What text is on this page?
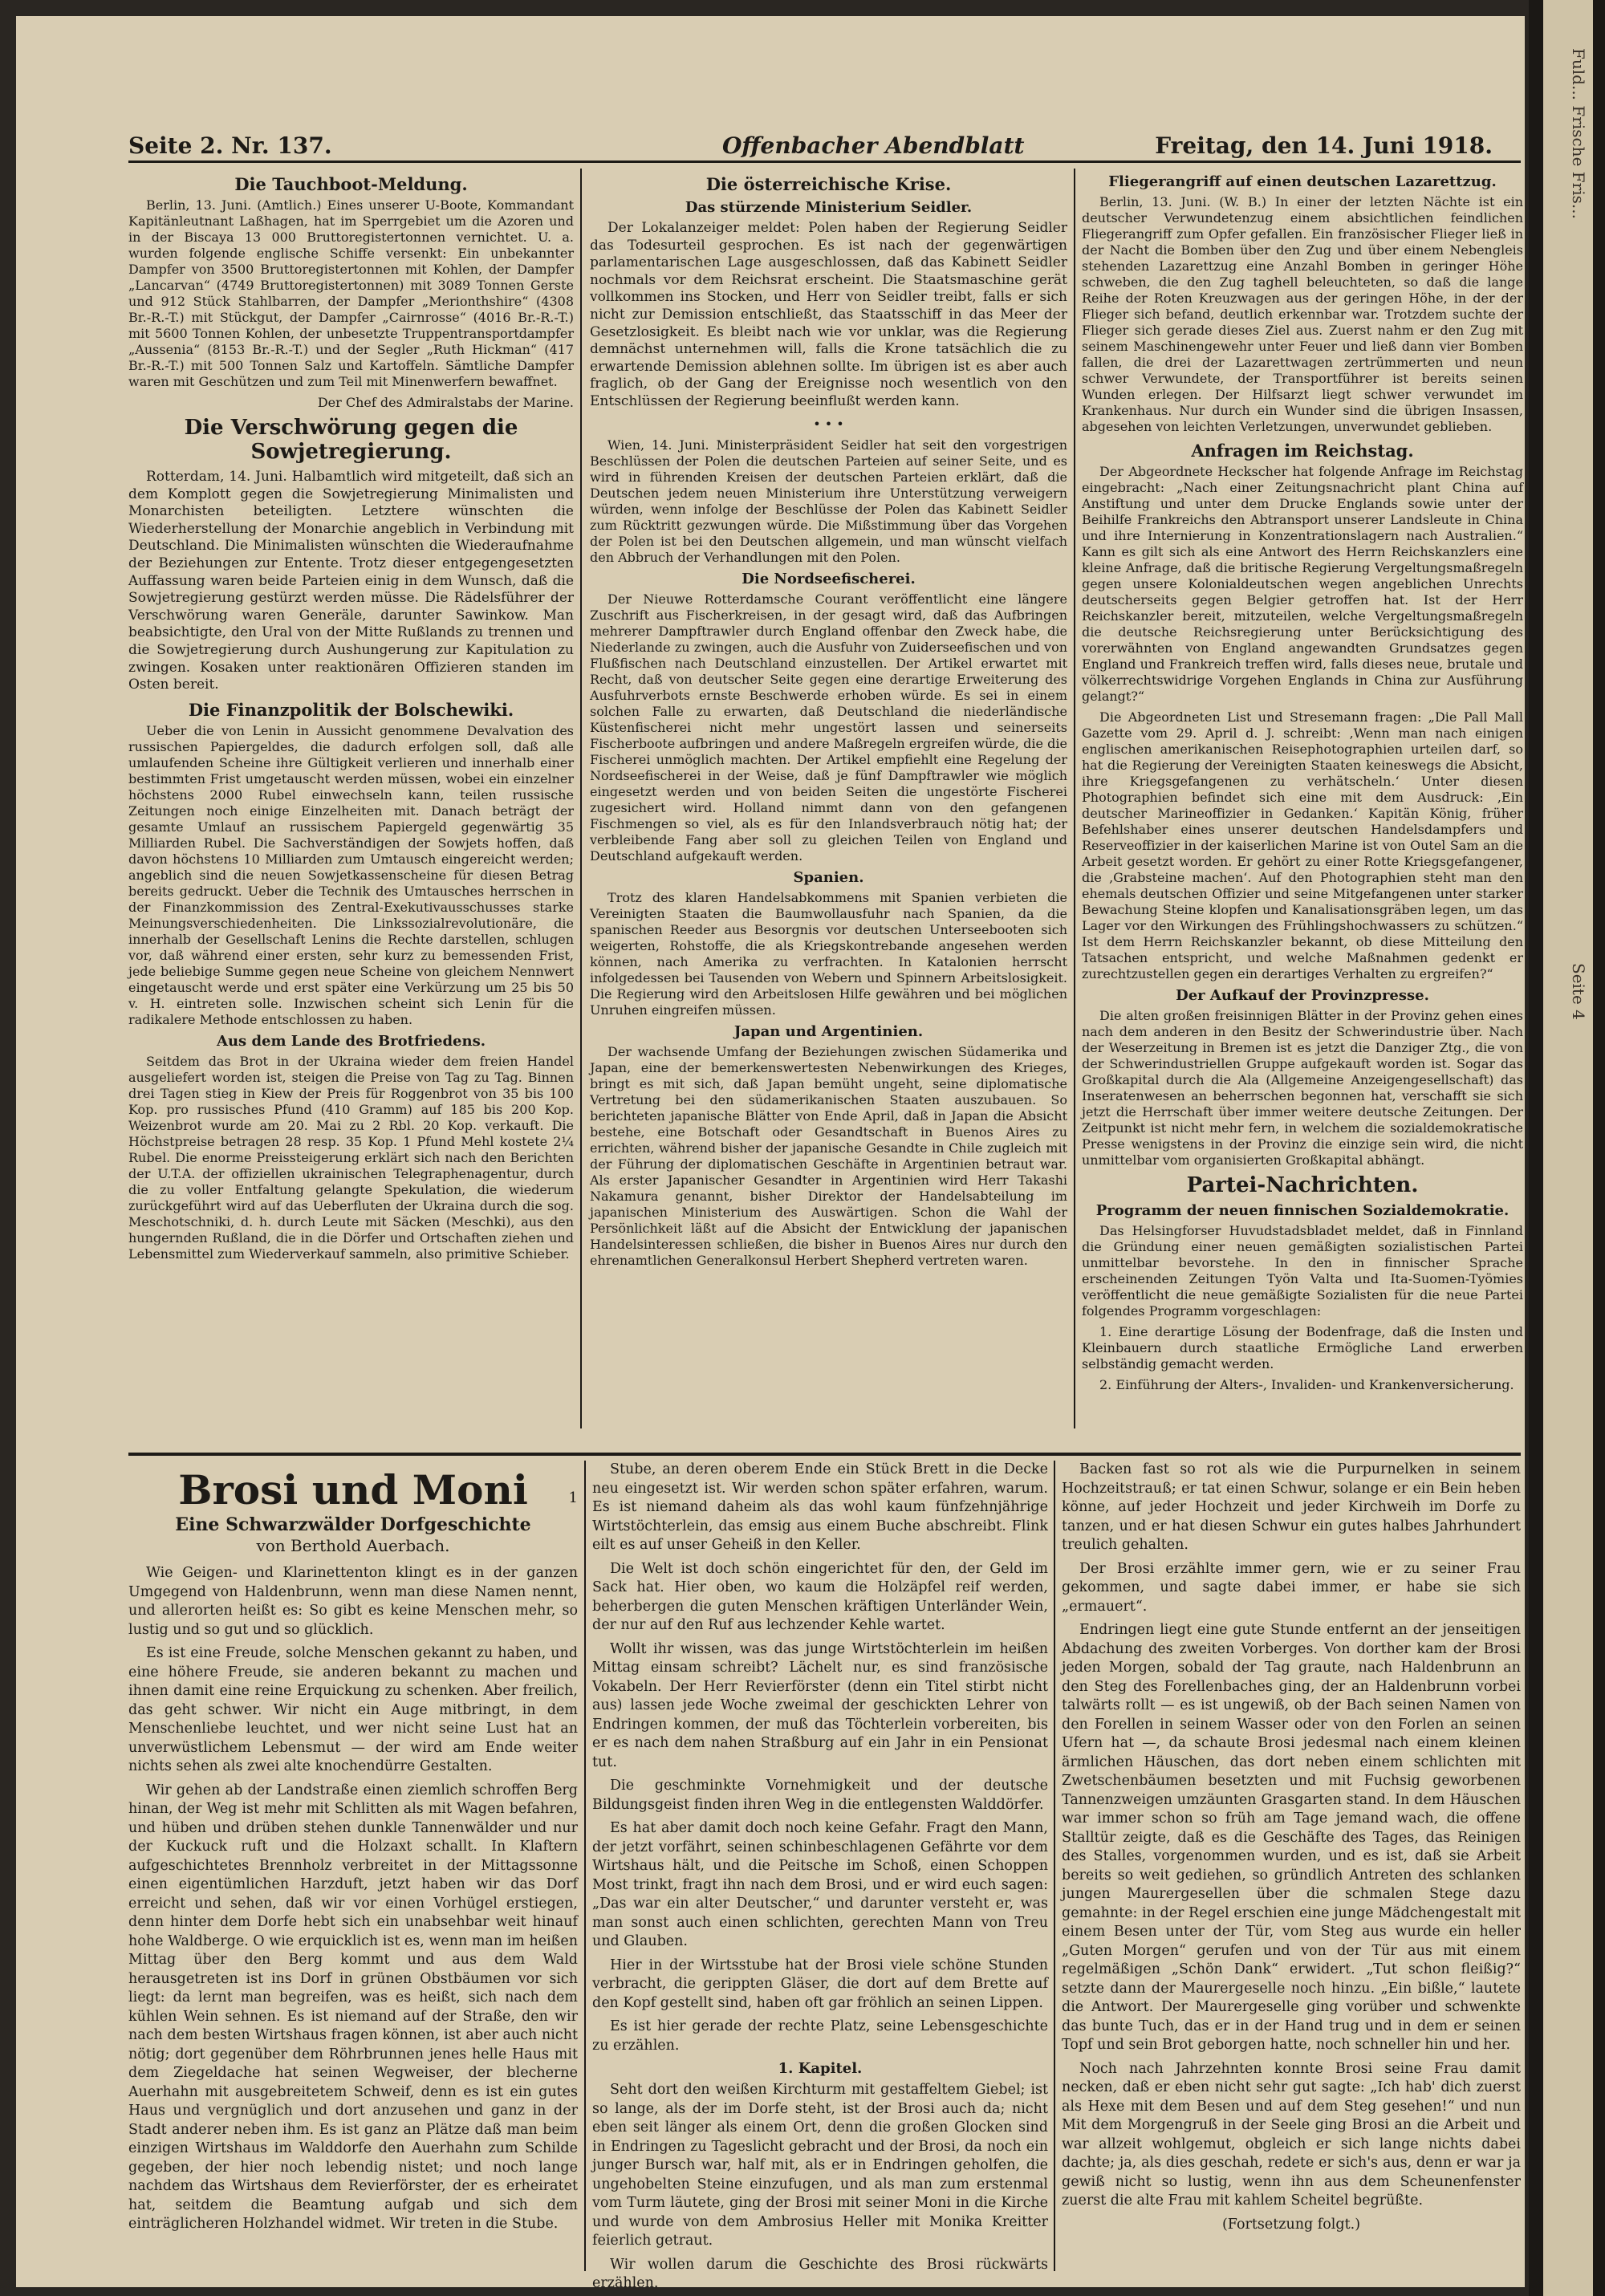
Fuld... Frische Fris...
Seite 4
Seite 2. Nr. 137.	Offenbacher Abendblatt	Freitag, den 14. Juni 1918.
Die Tauchboot-Meldung.

Berlin, 13. Juni. (Amtlich.) Eines unserer U-Boote, Kommandant Kapitänleutnant Laßhagen, hat im Sperrgebiet um die Azoren und in der Biscaya 13 000 Bruttoregistertonnen vernichtet. U. a. wurden folgende englische Schiffe versenkt: Ein unbekannter Dampfer von 3500 Bruttoregistertonnen mit Kohlen, der Dampfer „Lancarvan“ (4749 Bruttoregistertonnen) mit 3089 Tonnen Gerste und 912 Stück Stahlbarren, der Dampfer „Merionthshire“ (4308 Br.-R.-T.) mit Stückgut, der Dampfer „Cairnrosse“ (4016 Br.-R.-T.) mit 5600 Tonnen Kohlen, der unbesetzte Truppentransportdampfer „Aussenia“ (8153 Br.-R.-T.) und der Segler „Ruth Hickman“ (417 Br.-R.-T.) mit 500 Tonnen Salz und Kartoffeln. Sämtliche Dampfer waren mit Geschützen und zum Teil mit Minenwerfern bewaffnet.

Der Chef des Admiralstabs der Marine.

Die Verschwörung gegen die Sowjetregierung.

Rotterdam, 14. Juni. Halbamtlich wird mitgeteilt, daß sich an dem Komplott gegen die Sowjetregierung Minimalisten und Monarchisten beteiligten. Letztere wünschten die Wiederherstellung der Monarchie angeblich in Verbindung mit Deutschland. Die Minimalisten wünschten die Wiederaufnahme der Beziehungen zur Entente. Trotz dieser entgegengesetzten Auffassung waren beide Parteien einig in dem Wunsch, daß die Sowjetregierung gestürzt werden müsse. Die Rädelsführer der Verschwörung waren Generäle, darunter Sawinkow. Man beabsichtigte, den Ural von der Mitte Rußlands zu trennen und die Sowjetregierung durch Aushungerung zur Kapitulation zu zwingen. Kosaken unter reaktionären Offizieren standen im Osten bereit.

Die Finanzpolitik der Bolschewiki.

Ueber die von Lenin in Aussicht genommene Devalvation des russischen Papiergeldes, die dadurch erfolgen soll, daß alle umlaufenden Scheine ihre Gültigkeit verlieren und innerhalb einer bestimmten Frist umgetauscht werden müssen, wobei ein einzelner höchstens 2000 Rubel einwechseln kann, teilen russische Zeitungen noch einige Einzelheiten mit. Danach beträgt der gesamte Umlauf an russischem Papiergeld gegenwärtig 35 Milliarden Rubel. Die Sachverständigen der Sowjets hoffen, daß davon höchstens 10 Milliarden zum Umtausch eingereicht werden; angeblich sind die neuen Sowjetkassenscheine für diesen Betrag bereits gedruckt. Ueber die Technik des Umtausches herrschen in der Finanzkommission des Zentral-Exekutivausschusses starke Meinungsverschiedenheiten. Die Linkssozialrevolutionäre, die innerhalb der Gesellschaft Lenins die Rechte darstellen, schlugen vor, daß während einer ersten, sehr kurz zu bemessenden Frist, jede beliebige Summe gegen neue Scheine von gleichem Nennwert eingetauscht werde und erst später eine Verkürzung um 25 bis 50 v. H. eintreten solle. Inzwischen scheint sich Lenin für die radikalere Methode entschlossen zu haben.

Aus dem Lande des Brotfriedens.

Seitdem das Brot in der Ukraina wieder dem freien Handel ausgeliefert worden ist, steigen die Preise von Tag zu Tag. Binnen drei Tagen stieg in Kiew der Preis für Roggenbrot von 35 bis 100 Kop. pro russisches Pfund (410 Gramm) auf 185 bis 200 Kop. Weizenbrot wurde am 20. Mai zu 2 Rbl. 20 Kop. verkauft. Die Höchstpreise betragen 28 resp. 35 Kop. 1 Pfund Mehl kostete 2¼ Rubel. Die enorme Preissteigerung erklärt sich nach den Berichten der U.T.A. der offiziellen ukrainischen Telegraphenagentur, durch die zu voller Entfaltung gelangte Spekulation, die wiederum zurückgeführt wird auf das Ueberfluten der Ukraina durch die sog. Meschotschniki, d. h. durch Leute mit Säcken (Meschki), aus den hungernden Rußland, die in die Dörfer und Ortschaften ziehen und Lebensmittel zum Wiederverkauf sammeln, also primitive Schieber.

Die österreichische Krise.
Das stürzende Ministerium Seidler.

Der Lokalanzeiger meldet: Polen haben der Regierung Seidler das Todesurteil gesprochen. Es ist nach der gegenwärtigen parlamentarischen Lage ausgeschlossen, daß das Kabinett Seidler nochmals vor dem Reichsrat erscheint. Die Staatsmaschine gerät vollkommen ins Stocken, und Herr von Seidler treibt, falls er sich nicht zur Demission entschließt, das Staatsschiff in das Meer der Gesetzlosigkeit. Es bleibt nach wie vor unklar, was die Regierung demnächst unternehmen will, falls die Krone tatsächlich die zu erwartende Demission ablehnen sollte. Im übrigen ist es aber auch fraglich, ob der Gang der Ereignisse noch wesentlich von den Entschlüssen der Regierung beeinflußt werden kann.

• • •

Wien, 14. Juni. Ministerpräsident Seidler hat seit den vorgestrigen Beschlüssen der Polen die deutschen Parteien auf seiner Seite, und es wird in führenden Kreisen der deutschen Parteien erklärt, daß die Deutschen jedem neuen Ministerium ihre Unterstützung verweigern würden, wenn infolge der Beschlüsse der Polen das Kabinett Seidler zum Rücktritt gezwungen würde. Die Mißstimmung über das Vorgehen der Polen ist bei den Deutschen allgemein, und man wünscht vielfach den Abbruch der Verhandlungen mit den Polen.

Die Nordseefischerei.

Der Nieuwe Rotterdamsche Courant veröffentlicht eine längere Zuschrift aus Fischerkreisen, in der gesagt wird, daß das Aufbringen mehrerer Dampftrawler durch England offenbar den Zweck habe, die Niederlande zu zwingen, auch die Ausfuhr von Zuiderseefischen und von Flußfischen nach Deutschland einzustellen. Der Artikel erwartet mit Recht, daß von deutscher Seite gegen eine derartige Erweiterung des Ausfuhrverbots ernste Beschwerde erhoben würde. Es sei in einem solchen Falle zu erwarten, daß Deutschland die niederländische Küstenfischerei nicht mehr ungestört lassen und seinerseits Fischerboote aufbringen und andere Maßregeln ergreifen würde, die die Fischerei unmöglich machten. Der Artikel empfiehlt eine Regelung der Nordseefischerei in der Weise, daß je fünf Dampftrawler wie möglich eingesetzt werden und von beiden Seiten die ungestörte Fischerei zugesichert wird. Holland nimmt dann von den gefangenen Fischmengen so viel, als es für den Inlandsverbrauch nötig hat; der verbleibende Fang aber soll zu gleichen Teilen von England und Deutschland aufgekauft werden.

Spanien.

Trotz des klaren Handelsabkommens mit Spanien verbieten die Vereinigten Staaten die Baumwollausfuhr nach Spanien, da die spanischen Reeder aus Besorgnis vor deutschen Unterseebooten sich weigerten, Rohstoffe, die als Kriegskontrebande angesehen werden können, nach Amerika zu verfrachten. In Katalonien herrscht infolgedessen bei Tausenden von Webern und Spinnern Arbeitslosigkeit. Die Regierung wird den Arbeitslosen Hilfe gewähren und bei möglichen Unruhen eingreifen müssen.

Japan und Argentinien.

Der wachsende Umfang der Beziehungen zwischen Südamerika und Japan, eine der bemerkenswertesten Nebenwirkungen des Krieges, bringt es mit sich, daß Japan bemüht ungeht, seine diplomatische Vertretung bei den südamerikanischen Staaten auszubauen. So berichteten japanische Blätter von Ende April, daß in Japan die Absicht bestehe, eine Botschaft oder Gesandtschaft in Buenos Aires zu errichten, während bisher der japanische Gesandte in Chile zugleich mit der Führung der diplomatischen Geschäfte in Argentinien betraut war. Als erster Japanischer Gesandter in Argentinien wird Herr Takashi Nakamura genannt, bisher Direktor der Handelsabteilung im japanischen Ministerium des Auswärtigen. Schon die Wahl der Persönlichkeit läßt auf die Absicht der Entwicklung der japanischen Handelsinteressen schließen, die bisher in Buenos Aires nur durch den ehrenamtlichen Generalkonsul Herbert Shepherd vertreten waren.

Fliegerangriff auf einen deutschen Lazarettzug.

Berlin, 13. Juni. (W. B.) In einer der letzten Nächte ist ein deutscher Verwundetenzug einem absichtlichen feindlichen Fliegerangriff zum Opfer gefallen. Ein französischer Flieger ließ in der Nacht die Bomben über den Zug und über einem Nebengleis stehenden Lazarettzug eine Anzahl Bomben in geringer Höhe schweben, die den Zug taghell beleuchteten, so daß die lange Reihe der Roten Kreuzwagen aus der geringen Höhe, in der der Flieger sich befand, deutlich erkennbar war. Trotzdem suchte der Flieger sich gerade dieses Ziel aus. Zuerst nahm er den Zug mit seinem Maschinengewehr unter Feuer und ließ dann vier Bomben fallen, die drei der Lazarettwagen zertrümmerten und neun schwer Verwundete, der Transportführer ist bereits seinen Wunden erlegen. Der Hilfsarzt liegt schwer verwundet im Krankenhaus. Nur durch ein Wunder sind die übrigen Insassen, abgesehen von leichten Verletzungen, unverwundet geblieben.

Anfragen im Reichstag.

Der Abgeordnete Heckscher hat folgende Anfrage im Reichstag eingebracht: „Nach einer Zeitungsnachricht plant China auf Anstiftung und unter dem Drucke Englands sowie unter der Beihilfe Frankreichs den Abtransport unserer Landsleute in China und ihre Internierung in Konzentrationslagern nach Australien.“ Kann es gilt sich als eine Antwort des Herrn Reichskanzlers eine kleine Anfrage, daß die britische Regierung Vergeltungsmaßregeln gegen unsere Kolonialdeutschen wegen angeblichen Unrechts deutscherseits gegen Belgier getroffen hat. Ist der Herr Reichskanzler bereit, mitzuteilen, welche Vergeltungsmaßregeln die deutsche Reichsregierung unter Berücksichtigung des vorerwähnten von England angewandten Grundsatzes gegen England und Frankreich treffen wird, falls dieses neue, brutale und völkerrechtswidrige Vorgehen Englands in China zur Ausführung gelangt?“

Die Abgeordneten List und Stresemann fragen: „Die Pall Mall Gazette vom 29. April d. J. schreibt: ‚Wenn man nach einigen englischen amerikanischen Reisephotographien urteilen darf, so hat die Regierung der Vereinigten Staaten keineswegs die Absicht, ihre Kriegsgefangenen zu verhätscheln.‘ Unter diesen Photographien befindet sich eine mit dem Ausdruck: ‚Ein deutscher Marineoffizier in Gedanken.‘ Kapitän König, früher Befehlshaber eines unserer deutschen Handelsdampfers und Reserveoffizier in der kaiserlichen Marine ist von Outel Sam an die Arbeit gesetzt worden. Er gehört zu einer Rotte Kriegsgefangener, die ‚Grabsteine machen‘. Auf den Photographien steht man den ehemals deutschen Offizier und seine Mitgefangenen unter starker Bewachung Steine klopfen und Kanalisationsgräben legen, um das Lager vor den Wirkungen des Frühlingshochwassers zu schützen.“ Ist dem Herrn Reichskanzler bekannt, ob diese Mitteilung den Tatsachen entspricht, und welche Maßnahmen gedenkt er zurechtzustellen gegen ein derartiges Verhalten zu ergreifen?“

Der Aufkauf der Provinzpresse.

Die alten großen freisinnigen Blätter in der Provinz gehen eines nach dem anderen in den Besitz der Schwerindustrie über. Nach der Weserzeitung in Bremen ist es jetzt die Danziger Ztg., die von der Schwerindustriellen Gruppe aufgekauft worden ist. Sogar das Großkapital durch die Ala (Allgemeine Anzeigengesellschaft) das Inseratenwesen an beherrschen begonnen hat, verschafft sie sich jetzt die Herrschaft über immer weitere deutsche Zeitungen. Der Zeitpunkt ist nicht mehr fern, in welchem die sozialdemokratische Presse wenigstens in der Provinz die einzige sein wird, die nicht unmittelbar vom organisierten Großkapital abhängt.

Partei-Nachrichten.
Programm der neuen finnischen Sozialdemokratie.

Das Helsingforser Huvudstadsbladet meldet, daß in Finnland die Gründung einer neuen gemäßigten sozialistischen Partei unmittelbar bevorstehe. In den in finnischer Sprache erscheinenden Zeitungen Työn Valta und Ita-Suomen-Työmies veröffentlicht die neue gemäßigte Sozialisten für die neue Partei folgendes Programm vorgeschlagen:

1. Eine derartige Lösung der Bodenfrage, daß die Insten und Kleinbauern durch staatliche Ermögliche Land erwerben selbständig gemacht werden.

2. Einführung der Alters-, Invaliden- und Krankenversicherung.

Brosi und Moni	1
Eine Schwarzwälder Dorfgeschichte
von Berthold Auerbach.

Wie Geigen- und Klarinettenton klingt es in der ganzen Umgegend von Haldenbrunn, wenn man diese Namen nennt, und allerorten heißt es: So gibt es keine Menschen mehr, so lustig und so gut und so glücklich.

Es ist eine Freude, solche Menschen gekannt zu haben, und eine höhere Freude, sie anderen bekannt zu machen und ihnen damit eine reine Erquickung zu schenken. Aber freilich, das geht schwer. Wir nicht ein Auge mitbringt, in dem Menschenliebe leuchtet, und wer nicht seine Lust hat an unverwüstlichem Lebensmut — der wird am Ende weiter nichts sehen als zwei alte knochendürre Gestalten.

Wir gehen ab der Landstraße einen ziemlich schroffen Berg hinan, der Weg ist mehr mit Schlitten als mit Wagen befahren, und hüben und drüben stehen dunkle Tannenwälder und nur der Kuckuck ruft und die Holzaxt schallt. In Klaftern aufgeschichtetes Brennholz verbreitet in der Mittagssonne einen eigentümlichen Harzduft, jetzt haben wir das Dorf erreicht und sehen, daß wir vor einen Vorhügel erstiegen, denn hinter dem Dorfe hebt sich ein unabsehbar weit hinauf hohe Waldberge. O wie erquicklich ist es, wenn man im heißen Mittag über den Berg kommt und aus dem Wald herausgetreten ist ins Dorf in grünen Obstbäumen vor sich liegt: da lernt man begreifen, was es heißt, sich nach dem kühlen Wein sehnen. Es ist niemand auf der Straße, den wir nach dem besten Wirtshaus fragen können, ist aber auch nicht nötig; dort gegenüber dem Röhrbrunnen jenes helle Haus mit dem Ziegeldache hat seinen Wegweiser, der blecherne Auerhahn mit ausgebreitetem Schweif, denn es ist ein gutes Haus und vergnüglich und dort anzusehen und ganz in der Stadt anderer neben ihm. Es ist ganz an Plätze daß man beim einzigen Wirtshaus im Walddorfe den Auerhahn zum Schilde gegeben, der hier noch lebendig nistet; und noch lange nachdem das Wirtshaus dem Revierförster, der es erheiratet hat, seitdem die Beamtung aufgab und sich dem einträglicheren Holzhandel widmet. Wir treten in die Stube.

Stube, an deren oberem Ende ein Stück Brett in die Decke neu eingesetzt ist. Wir werden schon später erfahren, warum. Es ist niemand daheim als das wohl kaum fünfzehnjährige Wirtstöchterlein, das emsig aus einem Buche abschreibt. Flink eilt es auf unser Geheiß in den Keller.

Die Welt ist doch schön eingerichtet für den, der Geld im Sack hat. Hier oben, wo kaum die Holzäpfel reif werden, beherbergen die guten Menschen kräftigen Unterländer Wein, der nur auf den Ruf aus lechzender Kehle wartet.

Wollt ihr wissen, was das junge Wirtstöchterlein im heißen Mittag einsam schreibt? Lächelt nur, es sind französische Vokabeln. Der Herr Revierförster (denn ein Titel stirbt nicht aus) lassen jede Woche zweimal der geschickten Lehrer von Endringen kommen, der muß das Töchterlein vorbereiten, bis er es nach dem nahen Straßburg auf ein Jahr in ein Pensionat tut.

Die geschminkte Vornehmigkeit und der deutsche Bildungsgeist finden ihren Weg in die entlegensten Walddörfer.

Es hat aber damit doch noch keine Gefahr. Fragt den Mann, der jetzt vorfährt, seinen schinbeschlagenen Gefährte vor dem Wirtshaus hält, und die Peitsche im Schoß, einen Schoppen Most trinkt, fragt ihn nach dem Brosi, und er wird euch sagen: „Das war ein alter Deutscher,“ und darunter versteht er, was man sonst auch einen schlichten, gerechten Mann von Treu und Glauben.

Hier in der Wirtsstube hat der Brosi viele schöne Stunden verbracht, die gerippten Gläser, die dort auf dem Brette auf den Kopf gestellt sind, haben oft gar fröhlich an seinen Lippen.

Es ist hier gerade der rechte Platz, seine Lebensgeschichte zu erzählen.

1. Kapitel.

Seht dort den weißen Kirchturm mit gestaffeltem Giebel; ist so lange, als der im Dorfe steht, ist der Brosi auch da; nicht eben seit länger als einem Ort, denn die großen Glocken sind in Endringen zu Tageslicht gebracht und der Brosi, da noch ein junger Bursch war, half mit, als er in Endringen geholfen, die ungehobelten Steine einzufugen, und als man zum erstenmal vom Turm läutete, ging der Brosi mit seiner Moni in die Kirche und wurde von dem Ambrosius Heller mit Monika Kreitter feierlich getraut.

Wir wollen darum die Geschichte des Brosi rückwärts erzählen.

Backen fast so rot als wie die Purpurnelken in seinem Hochzeitstrauß; er tat einen Schwur, solange er ein Bein heben könne, auf jeder Hochzeit und jeder Kirchweih im Dorfe zu tanzen, und er hat diesen Schwur ein gutes halbes Jahrhundert treulich gehalten.

Der Brosi erzählte immer gern, wie er zu seiner Frau gekommen, und sagte dabei immer, er habe sie sich „ermauert“.

Endringen liegt eine gute Stunde entfernt an der jenseitigen Abdachung des zweiten Vorberges. Von dorther kam der Brosi jeden Morgen, sobald der Tag graute, nach Haldenbrunn an den Steg des Forellenbaches ging, der an Haldenbrunn vorbei talwärts rollt — es ist ungewiß, ob der Bach seinen Namen von den Forellen in seinem Wasser oder von den Forlen an seinen Ufern hat —, da schaute Brosi jedesmal nach einem kleinen ärmlichen Häuschen, das dort neben einem schlichten mit Zwetschenbäumen besetzten und mit Fuchsig geworbenen Tannenzweigen umzäunten Grasgarten stand. In dem Häuschen war immer schon so früh am Tage jemand wach, die offene Stalltür zeigte, daß es die Geschäfte des Tages, das Reinigen des Stalles, vorgenommen wurden, und es ist, daß sie Arbeit bereits so weit gediehen, so gründlich Antreten des schlanken jungen Maurergesellen über die schmalen Stege dazu gemahnte: in der Regel erschien eine junge Mädchengestalt mit einem Besen unter der Tür, vom Steg aus wurde ein heller „Guten Morgen“ gerufen und von der Tür aus mit einem regelmäßigen „Schön Dank“ erwidert. „Tut schon fleißig?“ setzte dann der Maurergeselle noch hinzu. „Ein bißle,“ lautete die Antwort. Der Maurergeselle ging vorüber und schwenkte das bunte Tuch, das er in der Hand trug und in dem er seinen Topf und sein Brot geborgen hatte, noch schneller hin und her.

Noch nach Jahrzehnten konnte Brosi seine Frau damit necken, daß er eben nicht sehr gut sagte: „Ich hab' dich zuerst als Hexe mit dem Besen und auf dem Steg gesehen!“ und nun Mit dem Morgengruß in der Seele ging Brosi an die Arbeit und war allzeit wohlgemut, obgleich er sich lange nichts dabei dachte; ja, als dies geschah, redete er sich's aus, denn er war ja gewiß nicht so lustig, wenn ihn aus dem Scheunenfenster zuerst die alte Frau mit kahlem Scheitel begrüßte.

(Fortsetzung folgt.)
